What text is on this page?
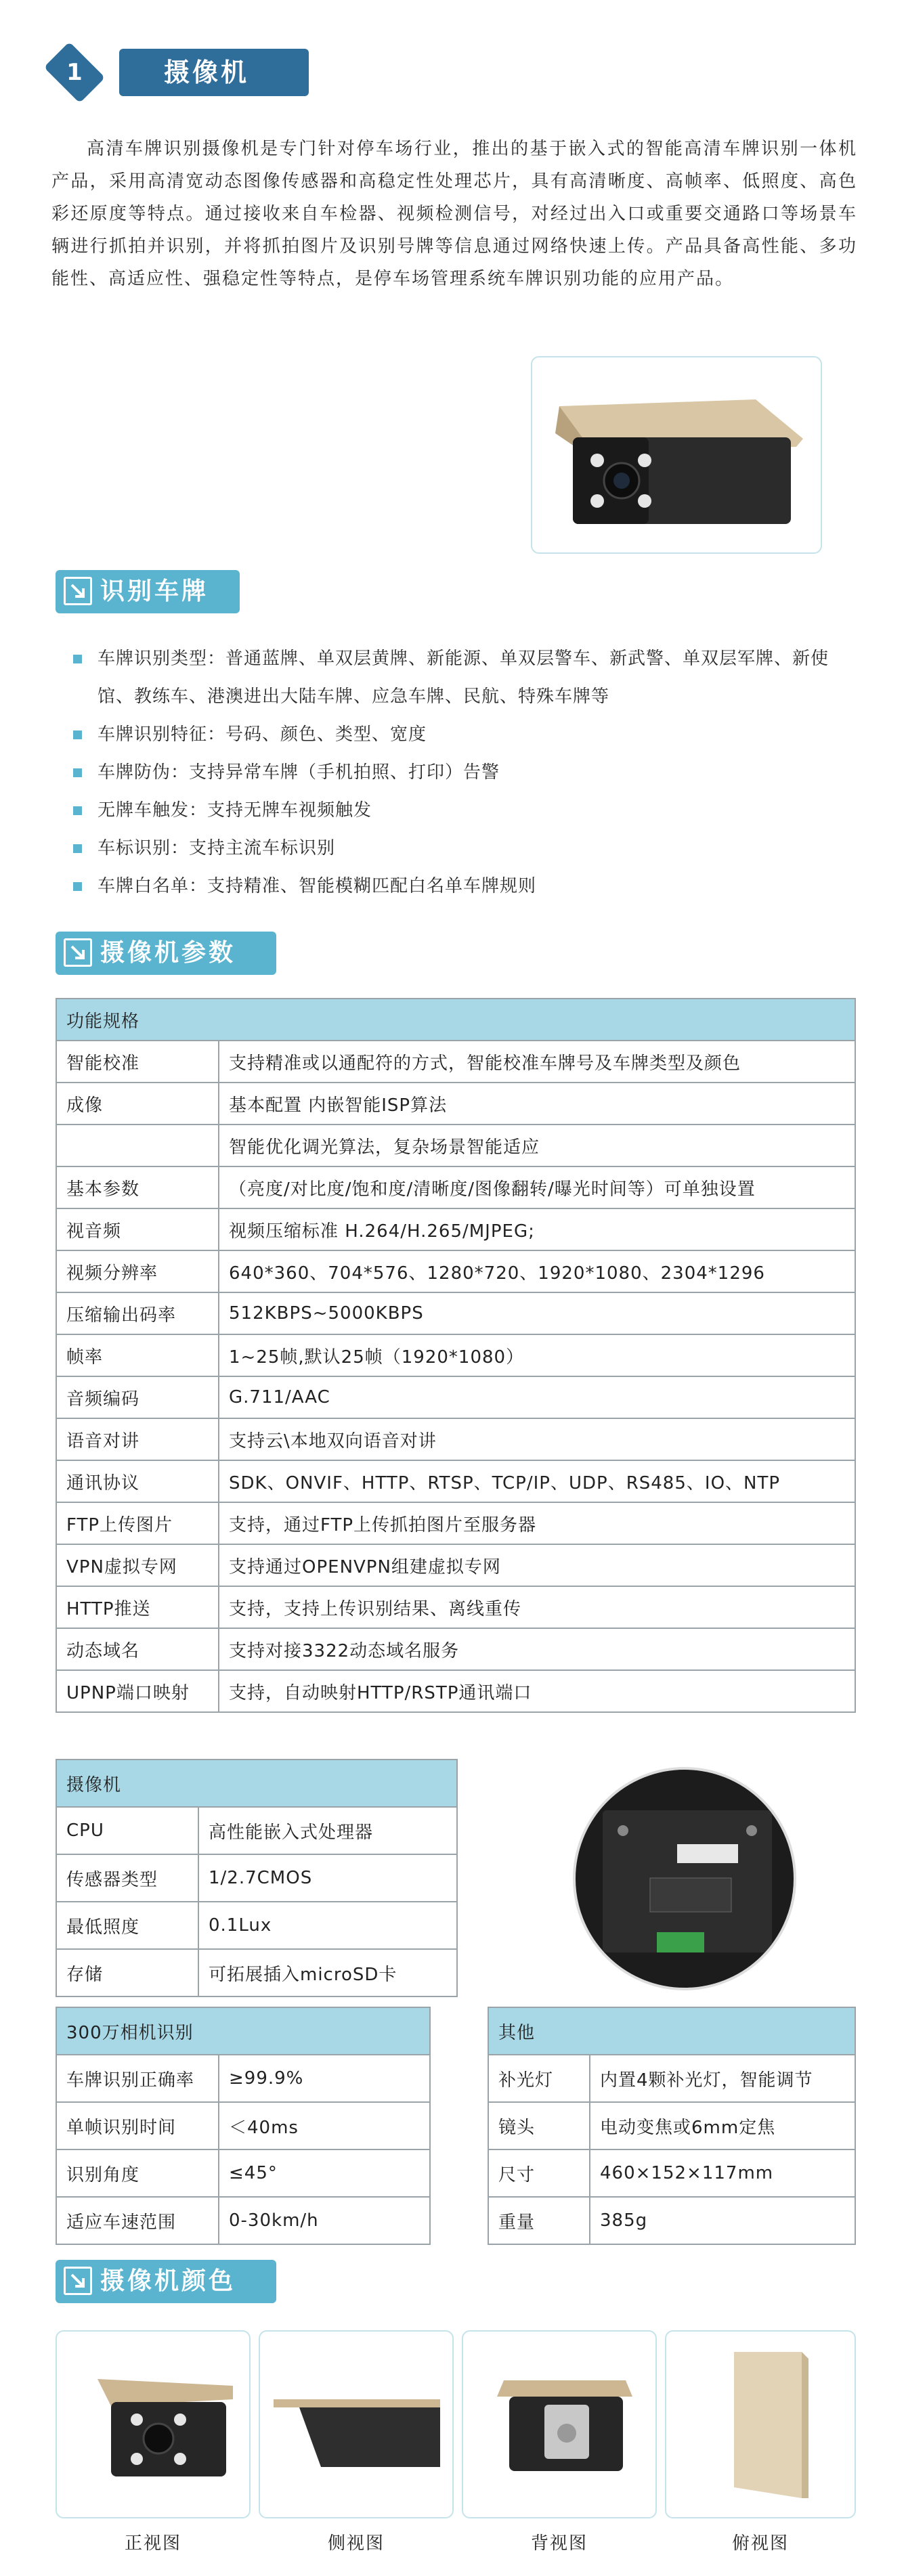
1	摄像机
高清车牌识别摄像机是专门针对停车场行业，推出的基于嵌入式的智能高清车牌识别一体机产品，采用高清宽动态图像传感器和高稳定性处理芯片，具有高清晰度、高帧率、低照度、高色彩还原度等特点。通过接收来自车检器、视频检测信号，对经过出入口或重要交通路口等场景车辆进行抓拍并识别，并将抓拍图片及识别号牌等信息通过网络快速上传。产品具备高性能、多功能性、高适应性、强稳定性等特点，是停车场管理系统车牌识别功能的应用产品。
识别车牌
车牌识别类型：普通蓝牌、单双层黄牌、新能源、单双层警车、新武警、单双层军牌、新使馆、教练车、港澳进出大陆车牌、应急车牌、民航、特殊车牌等
车牌识别特征：号码、颜色、类型、宽度
车牌防伪：支持异常车牌（手机拍照、打印）告警
无牌车触发：支持无牌车视频触发
车标识别：支持主流车标识别
车牌白名单：支持精准、智能模糊匹配白名单车牌规则
摄像机参数
功能规格	
智能校准	支持精准或以通配符的方式，智能校准车牌号及车牌类型及颜色
成像	基本配置 内嵌智能ISP算法
	智能优化调光算法，复杂场景智能适应
基本参数	（亮度/对比度/饱和度/清晰度/图像翻转/曝光时间等）可单独设置
视音频	视频压缩标准 H.264/H.265/MJPEG;
视频分辨率	640*360、704*576、1280*720、1920*1080、2304*1296
压缩输出码率	512KBPS~5000KBPS
帧率	1~25帧,默认25帧（1920*1080）
音频编码	G.711/AAC
语音对讲	支持云\本地双向语音对讲
通讯协议	SDK、ONVIF、HTTP、RTSP、TCP/IP、UDP、RS485、IO、NTP
FTP上传图片	支持，通过FTP上传抓拍图片至服务器
VPN虚拟专网	支持通过OPENVPN组建虚拟专网
HTTP推送	支持，支持上传识别结果、离线重传
动态域名	支持对接3322动态域名服务
UPNP端口映射	支持，自动映射HTTP/RSTP通讯端口
摄像机	
CPU	高性能嵌入式处理器
传感器类型	1/2.7CMOS
最低照度	0.1Lux
存储	可拓展插入microSD卡
300万相机识别	
车牌识别正确率	≥99.9%
单帧识别时间	＜40ms
识别角度	≤45°
适应车速范围	0-30km/h
其他	
补光灯	内置4颗补光灯，智能调节
镜头	电动变焦或6mm定焦
尺寸	460×152×117mm
重量	385g
摄像机颜色
正视图	侧视图	背视图	俯视图
